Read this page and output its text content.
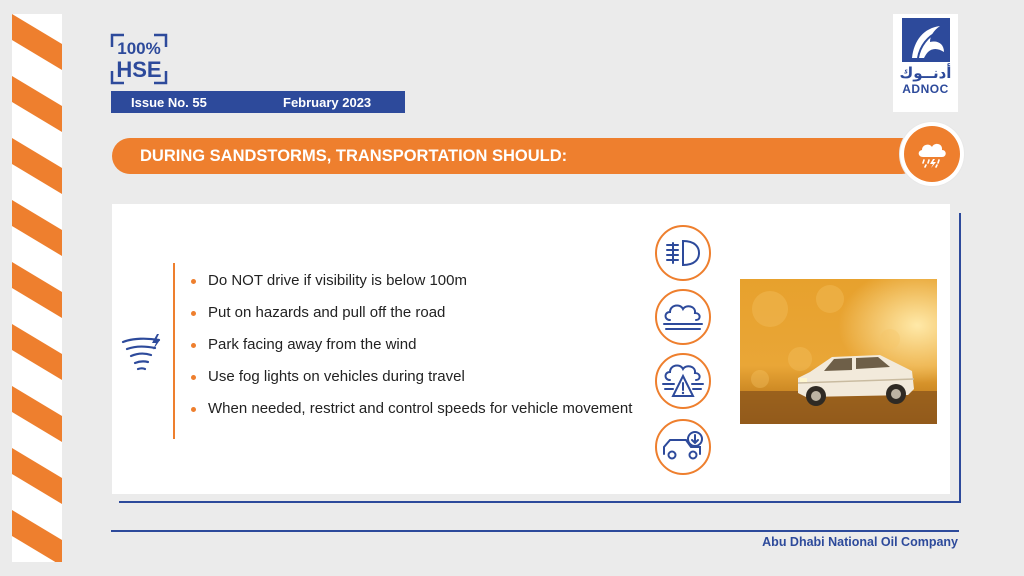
100%
HSE
Issue No. 55	February 2023
أدنــوك
ADNOC
DURING SANDSTORMS, TRANSPORTATION SHOULD:
Do NOT drive if visibility is below 100m
Put on hazards and pull off the road
Park facing away from the wind
Use fog lights on vehicles during travel
When needed, restrict and control speeds for vehicle movement
Abu Dhabi National Oil Company
